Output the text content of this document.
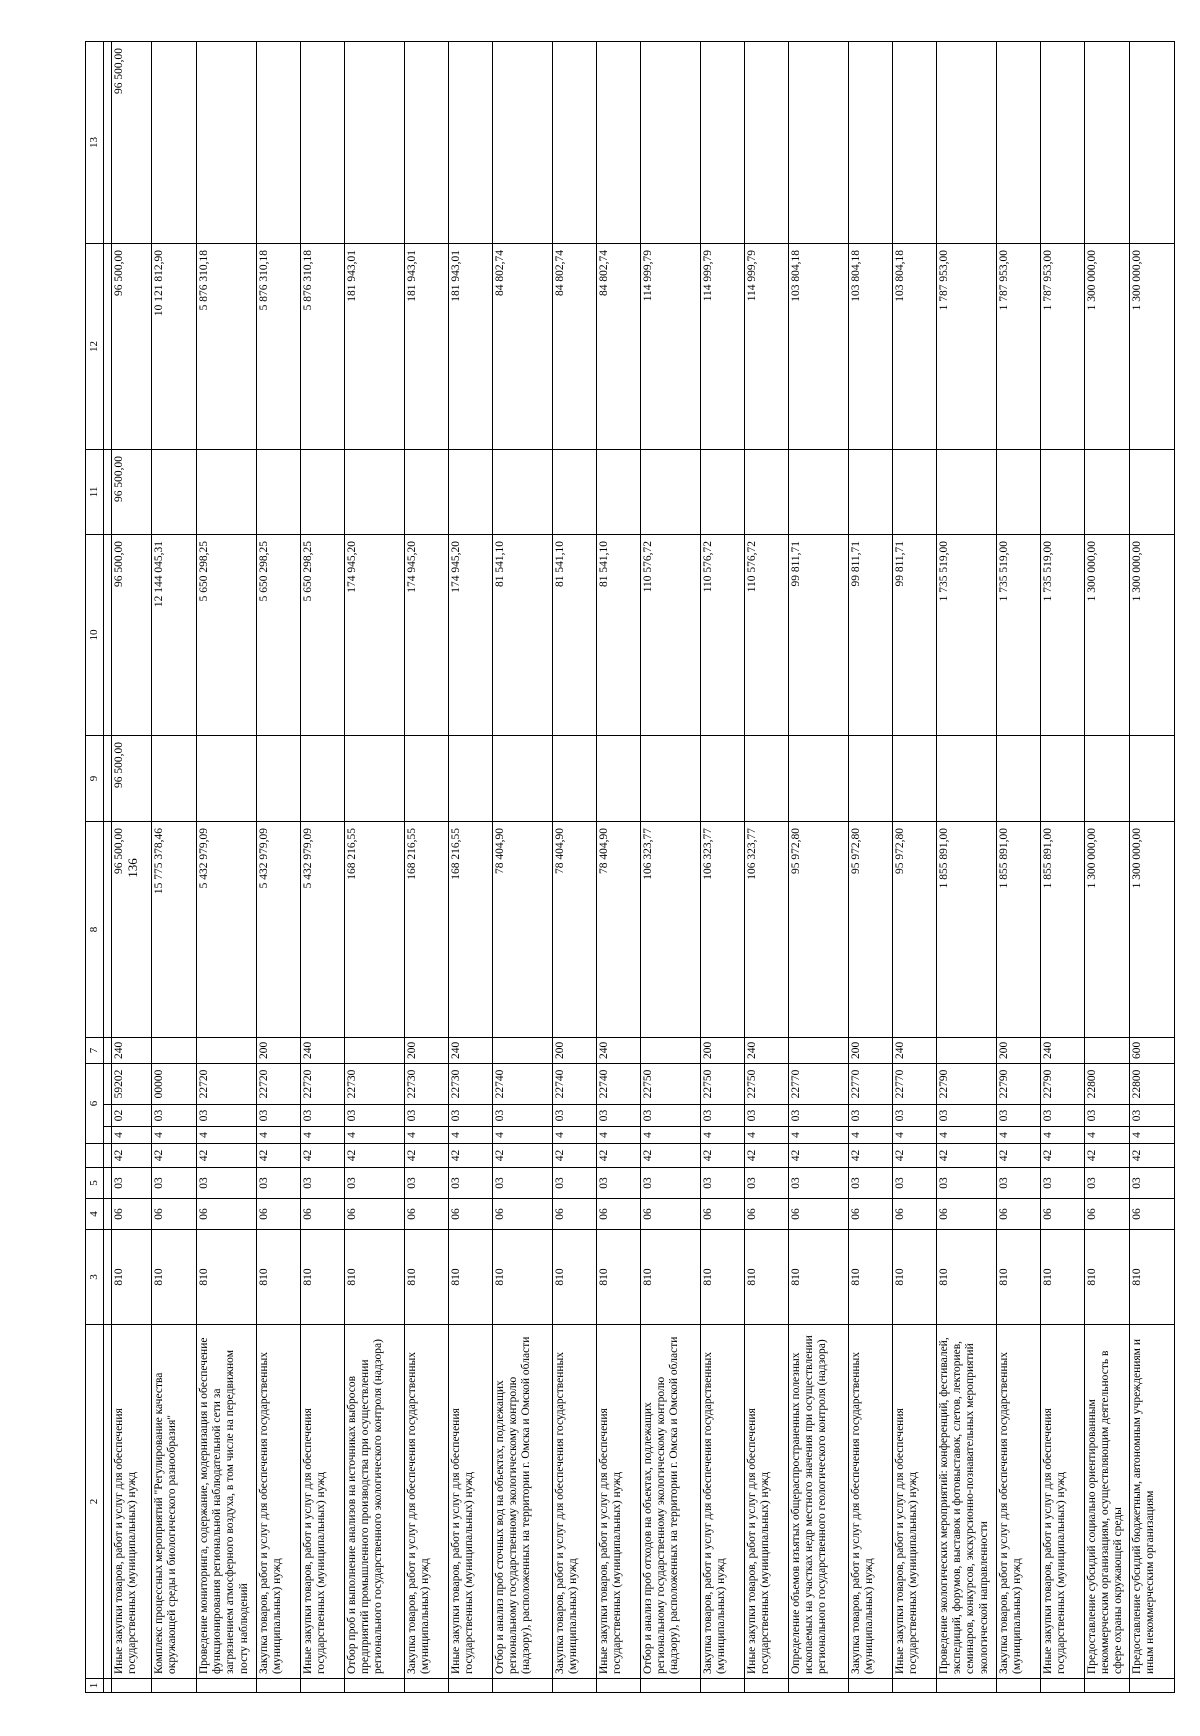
136
1	2	3	4	5		6			7	8	9	10	11	12	13

	Иные закупки товаров, работ и услуг для обеспечения государственных (муниципальных) нужд	810	06	03	42	4	02	59202	240	96 500,00	96 500,00	96 500,00	96 500,00	96 500,00	96 500,00
	Комплекс процессных мероприятий "Регулирование качества окружающей среды и биологического разнообразия"	810	06	03	42	4	03	00000		15 775 378,46		12 144 045,31		10 121 812,90	
	Проведение мониторинга, содержание, модернизация и обеспечение функционирования региональной наблюдательной сети за загрязнением атмосферного воздуха, в том числе на передвижном посту наблюдений	810	06	03	42	4	03	22720		5 432 979,09		5 650 298,25		5 876 310,18	
	Закупка товаров, работ и услуг для обеспечения государственных (муниципальных) нужд	810	06	03	42	4	03	22720	200	5 432 979,09		5 650 298,25		5 876 310,18	
	Иные закупки товаров, работ и услуг для обеспечения государственных (муниципальных) нужд	810	06	03	42	4	03	22720	240	5 432 979,09		5 650 298,25		5 876 310,18	
	Отбор проб и выполнение анализов на источниках выбросов предприятий промышленного производства при осуществлении регионального государственного экологического контроля (надзора)	810	06	03	42	4	03	22730		168 216,55		174 945,20		181 943,01	
	Закупка товаров, работ и услуг для обеспечения государственных (муниципальных) нужд	810	06	03	42	4	03	22730	200	168 216,55		174 945,20		181 943,01	
	Иные закупки товаров, работ и услуг для обеспечения государственных (муниципальных) нужд	810	06	03	42	4	03	22730	240	168 216,55		174 945,20		181 943,01	
	Отбор и анализ проб сточных вод на объектах, подлежащих региональному государственному экологическому контролю (надзору), расположенных на территории г. Омска и Омской области	810	06	03	42	4	03	22740		78 404,90		81 541,10		84 802,74	
	Закупка товаров, работ и услуг для обеспечения государственных (муниципальных) нужд	810	06	03	42	4	03	22740	200	78 404,90		81 541,10		84 802,74	
	Иные закупки товаров, работ и услуг для обеспечения государственных (муниципальных) нужд	810	06	03	42	4	03	22740	240	78 404,90		81 541,10		84 802,74	
	Отбор и анализ проб отходов на объектах, подлежащих региональному государственному экологическому контролю (надзору), расположенных на территории г. Омска и Омской области	810	06	03	42	4	03	22750		106 323,77		110 576,72		114 999,79	
	Закупка товаров, работ и услуг для обеспечения государственных (муниципальных) нужд	810	06	03	42	4	03	22750	200	106 323,77		110 576,72		114 999,79	
	Иные закупки товаров, работ и услуг для обеспечения государственных (муниципальных) нужд	810	06	03	42	4	03	22750	240	106 323,77		110 576,72		114 999,79	
	Определение объемов изъятых общераспространенных полезных ископаемых на участках недр местного значения при осуществлении регионального государственного геологического контроля (надзора)	810	06	03	42	4	03	22770		95 972,80		99 811,71		103 804,18	
	Закупка товаров, работ и услуг для обеспечения государственных (муниципальных) нужд	810	06	03	42	4	03	22770	200	95 972,80		99 811,71		103 804,18	
	Иные закупки товаров, работ и услуг для обеспечения государственных (муниципальных) нужд	810	06	03	42	4	03	22770	240	95 972,80		99 811,71		103 804,18	
	Проведение экологических мероприятий: конференций, фестивалей, экспедиций, форумов, выставок и фотовыставок, слетов, лекториев, семинаров, конкурсов, экскурсионно-познавательных мероприятий экологической направленности	810	06	03	42	4	03	22790		1 855 891,00		1 735 519,00		1 787 953,00	
	Закупка товаров, работ и услуг для обеспечения государственных (муниципальных) нужд	810	06	03	42	4	03	22790	200	1 855 891,00		1 735 519,00		1 787 953,00	
	Иные закупки товаров, работ и услуг для обеспечения государственных (муниципальных) нужд	810	06	03	42	4	03	22790	240	1 855 891,00		1 735 519,00		1 787 953,00	
	Предоставление субсидий социально ориентированным некоммерческим организациям, осуществляющим деятельность в сфере охраны окружающей среды	810	06	03	42	4	03	22800		1 300 000,00		1 300 000,00		1 300 000,00	
	Предоставление субсидий бюджетным, автономным учреждениям и иным некоммерческим организациям	810	06	03	42	4	03	22800	600	1 300 000,00		1 300 000,00		1 300 000,00	
